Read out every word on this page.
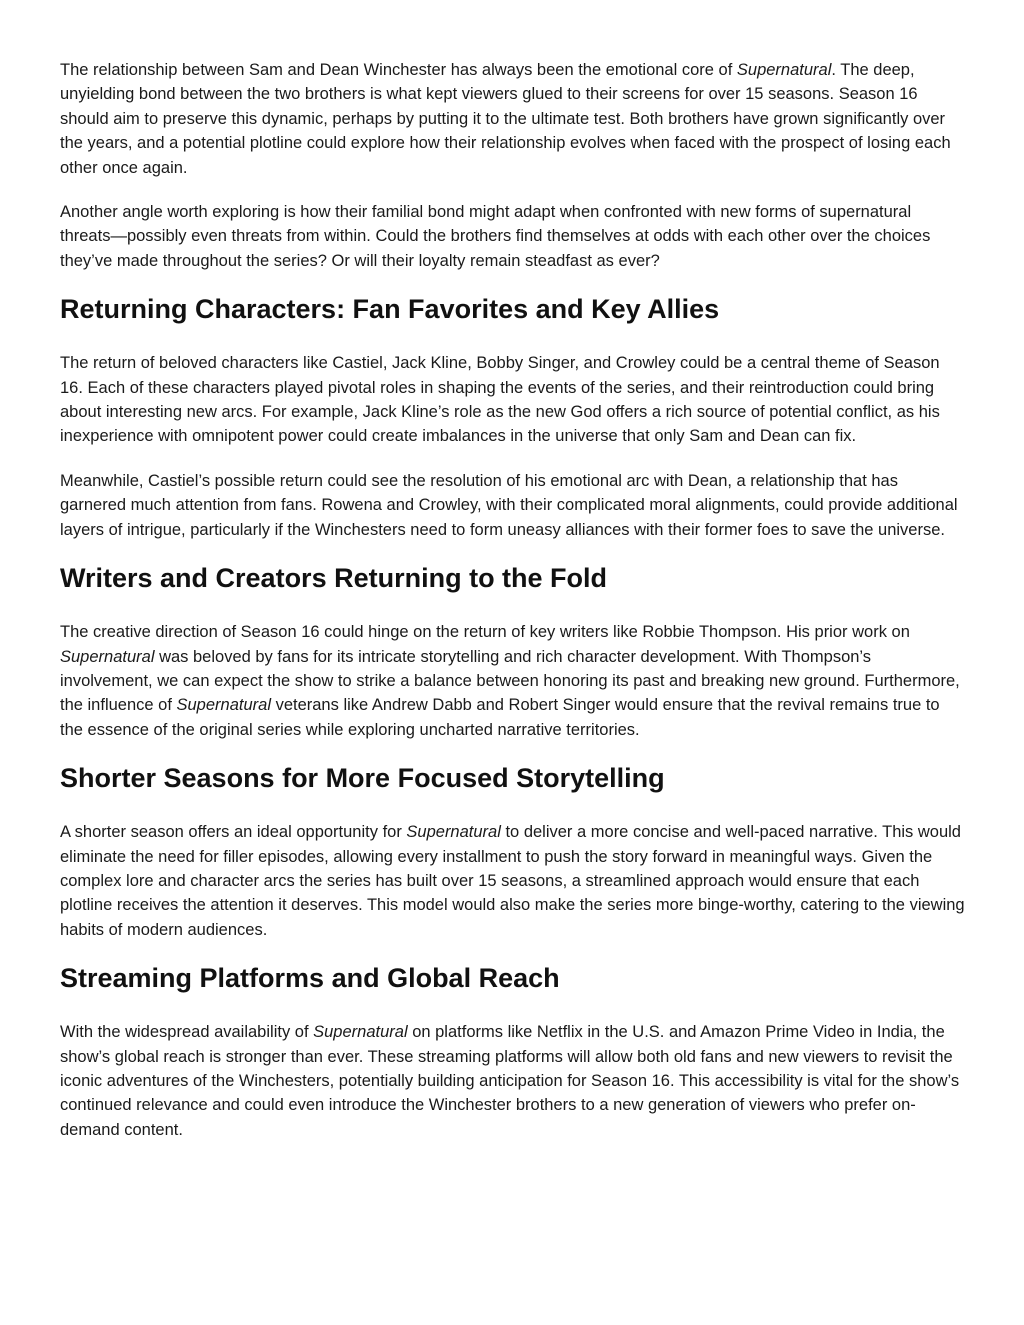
The relationship between Sam and Dean Winchester has always been the emotional core of Supernatural. The deep, unyielding bond between the two brothers is what kept viewers glued to their screens for over 15 seasons. Season 16 should aim to preserve this dynamic, perhaps by putting it to the ultimate test. Both brothers have grown significantly over the years, and a potential plotline could explore how their relationship evolves when faced with the prospect of losing each other once again.

Another angle worth exploring is how their familial bond might adapt when confronted with new forms of supernatural threats—possibly even threats from within. Could the brothers find themselves at odds with each other over the choices they’ve made throughout the series? Or will their loyalty remain steadfast as ever?

Returning Characters: Fan Favorites and Key Allies

The return of beloved characters like Castiel, Jack Kline, Bobby Singer, and Crowley could be a central theme of Season 16. Each of these characters played pivotal roles in shaping the events of the series, and their reintroduction could bring about interesting new arcs. For example, Jack Kline’s role as the new God offers a rich source of potential conflict, as his inexperience with omnipotent power could create imbalances in the universe that only Sam and Dean can fix.

Meanwhile, Castiel’s possible return could see the resolution of his emotional arc with Dean, a relationship that has garnered much attention from fans. Rowena and Crowley, with their complicated moral alignments, could provide additional layers of intrigue, particularly if the Winchesters need to form uneasy alliances with their former foes to save the universe.

Writers and Creators Returning to the Fold

The creative direction of Season 16 could hinge on the return of key writers like Robbie Thompson. His prior work on Supernatural was beloved by fans for its intricate storytelling and rich character development. With Thompson’s involvement, we can expect the show to strike a balance between honoring its past and breaking new ground. Furthermore, the influence of Supernatural veterans like Andrew Dabb and Robert Singer would ensure that the revival remains true to the essence of the original series while exploring uncharted narrative territories.

Shorter Seasons for More Focused Storytelling

A shorter season offers an ideal opportunity for Supernatural to deliver a more concise and well-paced narrative. This would eliminate the need for filler episodes, allowing every installment to push the story forward in meaningful ways. Given the complex lore and character arcs the series has built over 15 seasons, a streamlined approach would ensure that each plotline receives the attention it deserves. This model would also make the series more binge-worthy, catering to the viewing habits of modern audiences.

Streaming Platforms and Global Reach

With the widespread availability of Supernatural on platforms like Netflix in the U.S. and Amazon Prime Video in India, the show’s global reach is stronger than ever. These streaming platforms will allow both old fans and new viewers to revisit the iconic adventures of the Winchesters, potentially building anticipation for Season 16. This accessibility is vital for the show’s continued relevance and could even introduce the Winchester brothers to a new generation of viewers who prefer on-demand content.
